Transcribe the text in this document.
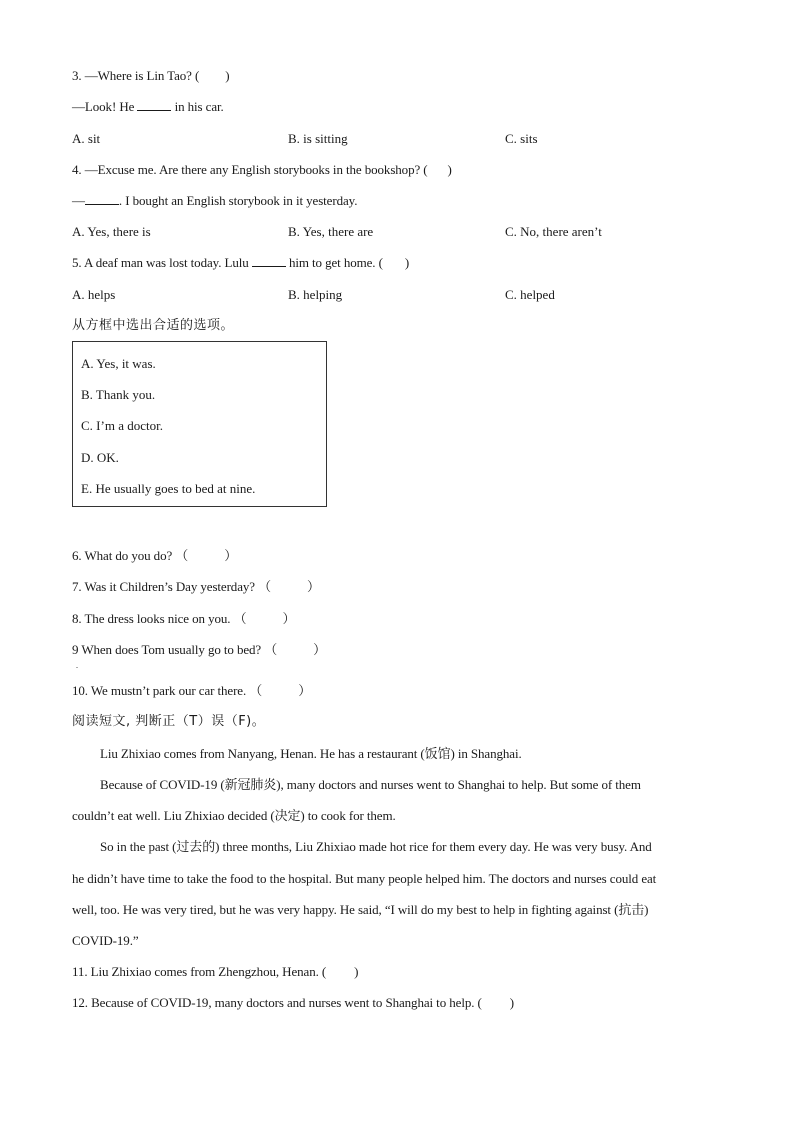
3. —Where is Lin Tao? ( )
—Look! He	in his car.
A. sit	B. is sitting	C. sits
4. —Excuse me. Are there any English storybooks in the bookshop? ( )
—	. I bought an English storybook in it yesterday.
A. Yes, there is	B. Yes, there are	C. No, there aren’t
5. A deaf man was lost today. Lulu	him to get home. ( )
A. helps	B. helping	C. helped
从方框中选出合适的选项。
A. Yes, it was.
B. Thank you.
C. I’m a doctor.
D. OK.
E. He usually goes to bed at nine.
6. What do you do? （	）
7. Was it Children’s Day yesterday? （	）
8. The dress looks nice on you. （	）
9 When does Tom usually go to bed? （	）
.
10. We mustn’t park our car there. （	）
阅读短文, 判断正（T）误（F)。
Liu Zhixiao comes from Nanyang, Henan. He has a restaurant (饭馆) in Shanghai.
Because of COVID-19 (新冠肺炎), many doctors and nurses went to Shanghai to help. But some of them
couldn’t eat well. Liu Zhixiao decided (决定) to cook for them.
So in the past (过去的) three months, Liu Zhixiao made hot rice for them every day. He was very busy. And
he didn’t have time to take the food to the hospital. But many people helped him. The doctors and nurses could eat
well, too. He was very tired, but he was very happy. He said, “I will do my best to help in fighting against (抗击)
COVID-19.”
11. Liu Zhixiao comes from Zhengzhou, Henan. ( )
12. Because of COVID-19, many doctors and nurses went to Shanghai to help. ( )
